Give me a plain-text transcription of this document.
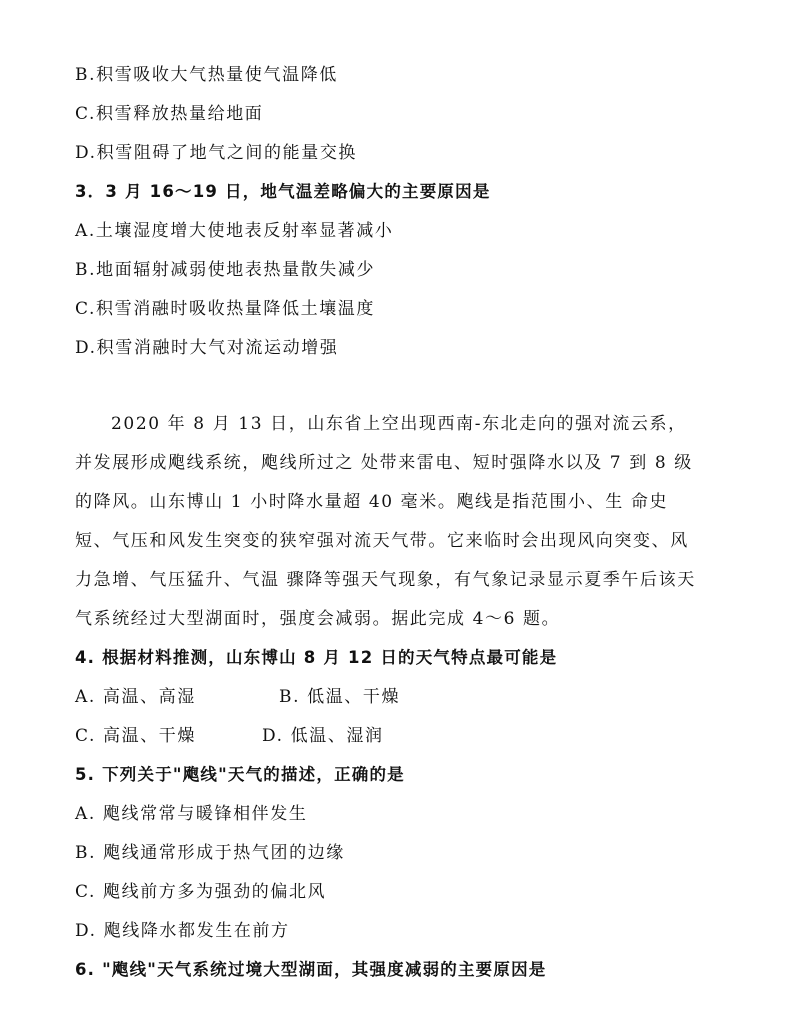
B.积雪吸收大气热量使气温降低
C.积雪释放热量给地面
D.积雪阻碍了地气之间的能量交换
3．3 月 16～19 日，地气温差略偏大的主要原因是
A.土壤湿度增大使地表反射率显著减小
B.地面辐射减弱使地表热量散失减少
C.积雪消融时吸收热量降低土壤温度
D.积雪消融时大气对流运动增强
2020 年 8 月 13 日，山东省上空出现西南-东北走向的强对流云系，
并发展形成飑线系统，飑线所过之 处带来雷电、短时强降水以及 7 到 8 级
的降风。山东博山 1 小时降水量超 40 毫米。飑线是指范围小、生 命史
短、气压和风发生突变的狭窄强对流天气带。它来临时会出现风向突变、风
力急增、气压猛升、气温 骤降等强天气现象，有气象记录显示夏季午后该天
气系统经过大型湖面时，强度会减弱。据此完成 4～6 题。
4. 根据材料推测，山东博山 8 月 12 日的天气特点最可能是
A. 高温、高湿	B. 低温、干燥
C. 高温、干燥	D. 低温、湿润
5. 下列关于"飑线"天气的描述，正确的是
A. 飑线常常与暖锋相伴发生
B. 飑线通常形成于热气团的边缘
C. 飑线前方多为强劲的偏北风
D. 飑线降水都发生在前方
6. "飑线"天气系统过境大型湖面，其强度减弱的主要原因是
